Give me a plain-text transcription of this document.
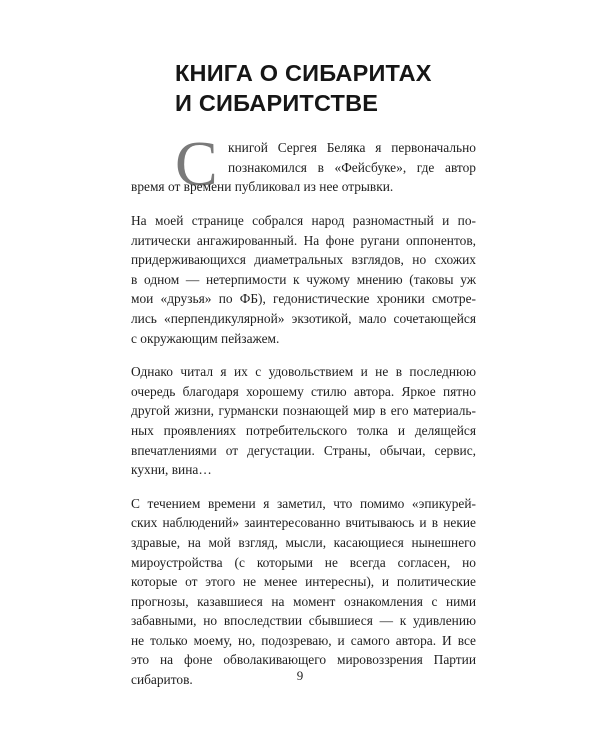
КНИГА О СИБАРИТАХ
И СИБАРИТСТВЕ
С книгой Сергея Беляка я первоначально
познакомился в «Фейсбуке», где автор
время от времени публиковал из нее отрывки.

На моей странице собрался народ разномастный и по-
литически ангажированный. На фоне ругани оппонентов,
придерживающихся диаметральных взглядов, но схожих
в одном — нетерпимости к чужому мнению (таковы уж
мои «друзья» по ФБ), гедонистические хроники смотре-
лись «перпендикулярной» экзотикой, мало сочетающейся
с окружающим пейзажем.

Однако читал я их с удовольствием и не в последнюю
очередь благодаря хорошему стилю автора. Яркое пятно
другой жизни, гурмански познающей мир в его материаль-
ных проявлениях потребительского толка и делящейся
впечатлениями от дегустации. Страны, обычаи, сервис,
кухни, вина…

С течением времени я заметил, что помимо «эпикурей-
ских наблюдений» заинтересованно вчитываюсь и в некие
здравые, на мой взгляд, мысли, касающиеся нынешнего
мироустройства (с которыми не всегда согласен, но
которые от этого не менее интересны), и политические
прогнозы, казавшиеся на момент ознакомления с ними
забавными, но впоследствии сбывшиеся — к удивлению
не только моему, но, подозреваю, и самого автора. И все
это на фоне обволакивающего мировоззрения Партии
сибаритов.	9
